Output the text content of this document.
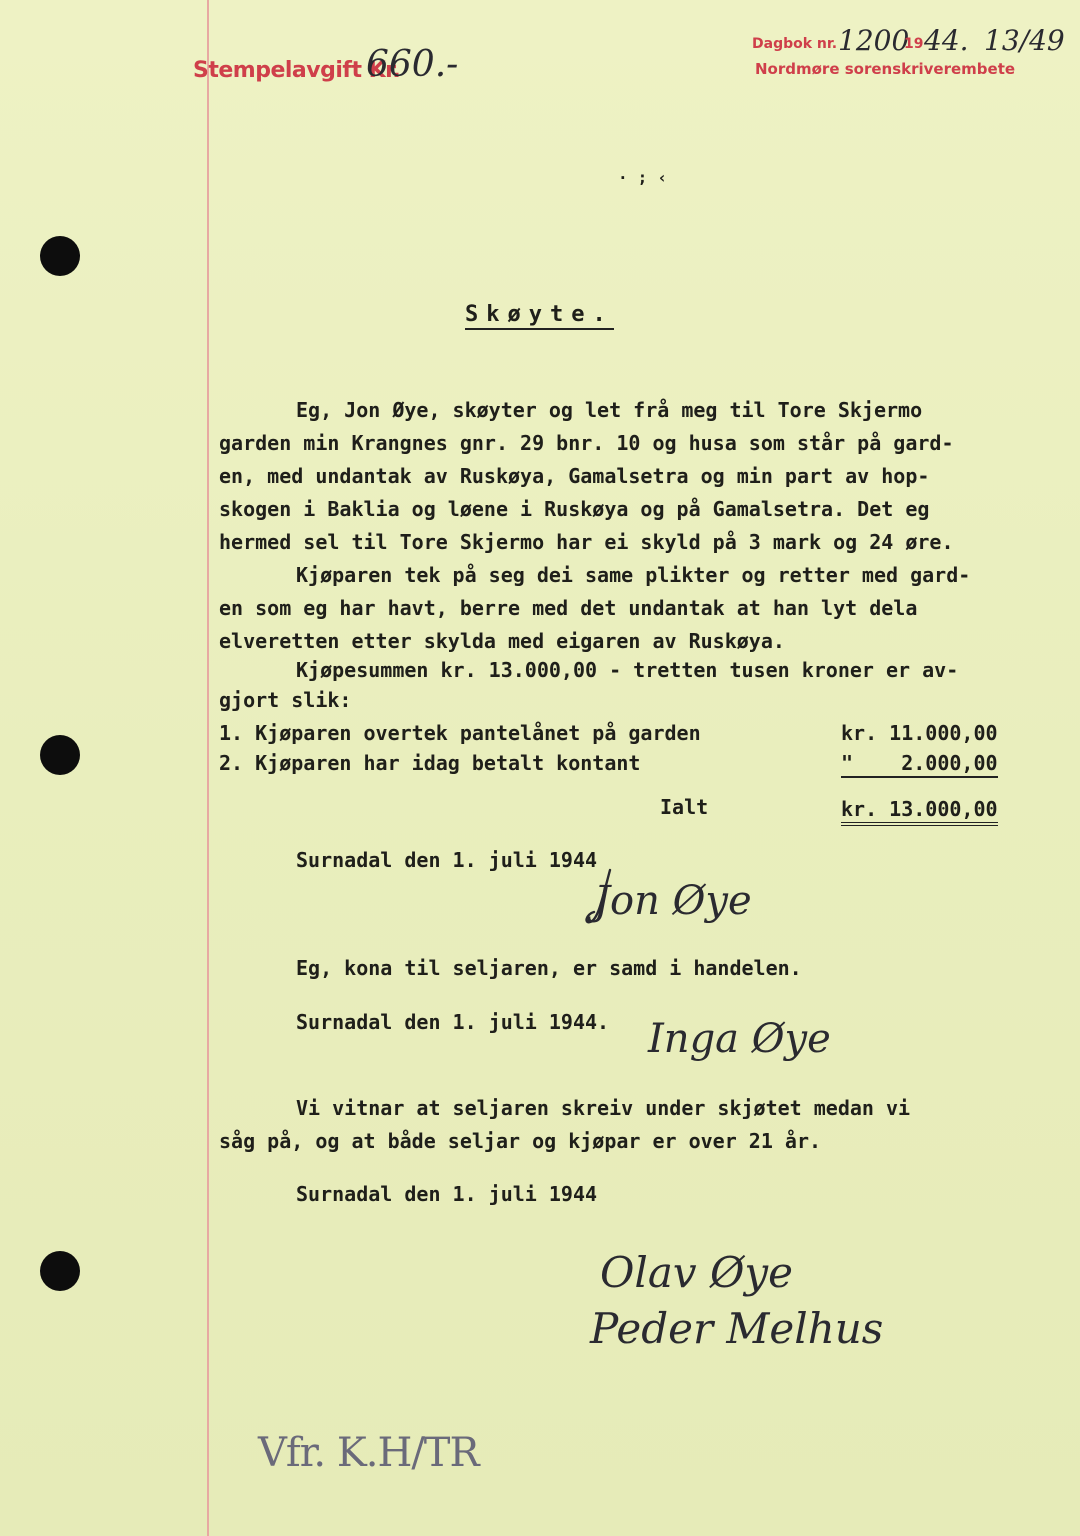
Stempelavgift Kr.
660.-	Dagbok nr. 1200
19 44. 13/49
Nordmøre sorenskriverembete
· ; ‹
Skøyte.
Eg, Jon Øye, skøyter og let frå meg til Tore Skjermo
garden min Krangnes gnr. 29 bnr. 10 og husa som står på gard-
en, med undantak av Ruskøya, Gamalsetra og min part av hop-
skogen i Baklia og løene i Ruskøya og på Gamalsetra. Det eg
hermed sel til Tore Skjermo har ei skyld på 3 mark og 24 øre.
Kjøparen tek på seg dei same plikter og retter med gard-
en som eg har havt, berre med det undantak at han lyt dela
elveretten etter skylda med eigaren av Ruskøya.
Kjøpesummen kr. 13.000,00 - tretten tusen kroner er av-
gjort slik:
1. Kjøparen overtek pantelånet på garden	kr. 11.000,00
2. Kjøparen har idag betalt kontant	"    2.000,00
Ialt	kr. 13.000,00
Surnadal den 1. juli 1944
Jon Øye
Eg, kona til seljaren, er samd i handelen.
Surnadal den 1. juli 1944. Inga Øye
Vi vitnar at seljaren skreiv under skjøtet medan vi
såg på, og at både seljar og kjøpar er over 21 år.
Surnadal den 1. juli 1944
Olav Øye
Peder Melhus
Vfr. K.H/TR
